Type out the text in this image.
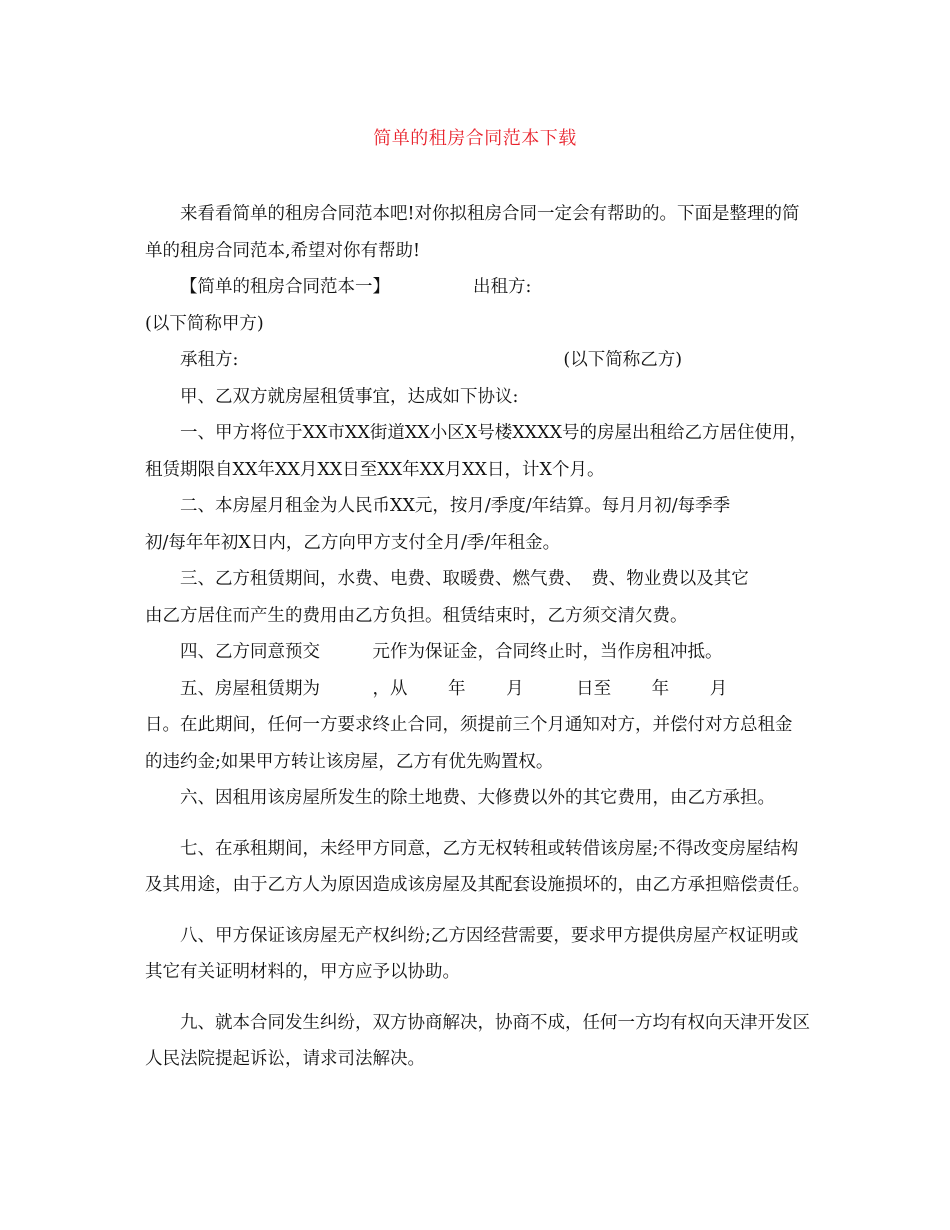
简单的租房合同范本下载

来看看简单的租房合同范本吧!对你拟租房合同一定会有帮助的。下面是整理的简单的租房合同范本,希望对你有帮助!

【简单的租房合同范本一】	出租方:

(以下简称甲方)

承租方:	(以下简称乙方)

甲、乙双方就房屋租赁事宜，达成如下协议:

一、甲方将位于XX市XX街道XX小区X号楼XXXX号的房屋出租给乙方居住使用，租赁期限自XX年XX月XX日至XX年XX月XX日，计X个月。

二、本房屋月租金为人民币XX元，按月/季度/年结算。每月月初/每季季

初/每年年初X日内，乙方向甲方支付全月/季/年租金。

三、乙方租赁期间，水费、电费、取暖费、燃气费、　费、物业费以及其它

由乙方居住而产生的费用由乙方负担。租赁结束时，乙方须交清欠费。

四、乙方同意预交　　　元作为保证金，合同终止时，当作房租冲抵。

五、房屋租赁期为　　　，从　　 年　　 月　　　日至　　 年　　 月

日。在此期间，任何一方要求终止合同，须提前三个月通知对方，并偿付对方总租金　　的违约金;如果甲方转让该房屋，乙方有优先购置权。

六、因租用该房屋所发生的除土地费、大修费以外的其它费用，由乙方承担。

七、在承租期间，未经甲方同意，乙方无权转租或转借该房屋;不得改变房屋结构及其用途，由于乙方人为原因造成该房屋及其配套设施损坏的，由乙方承担赔偿责任。

八、甲方保证该房屋无产权纠纷;乙方因经营需要，要求甲方提供房屋产权证明或其它有关证明材料的，甲方应予以协助。

九、就本合同发生纠纷，双方协商解决，协商不成，任何一方均有权向天津开发区人民法院提起诉讼，请求司法解决。
